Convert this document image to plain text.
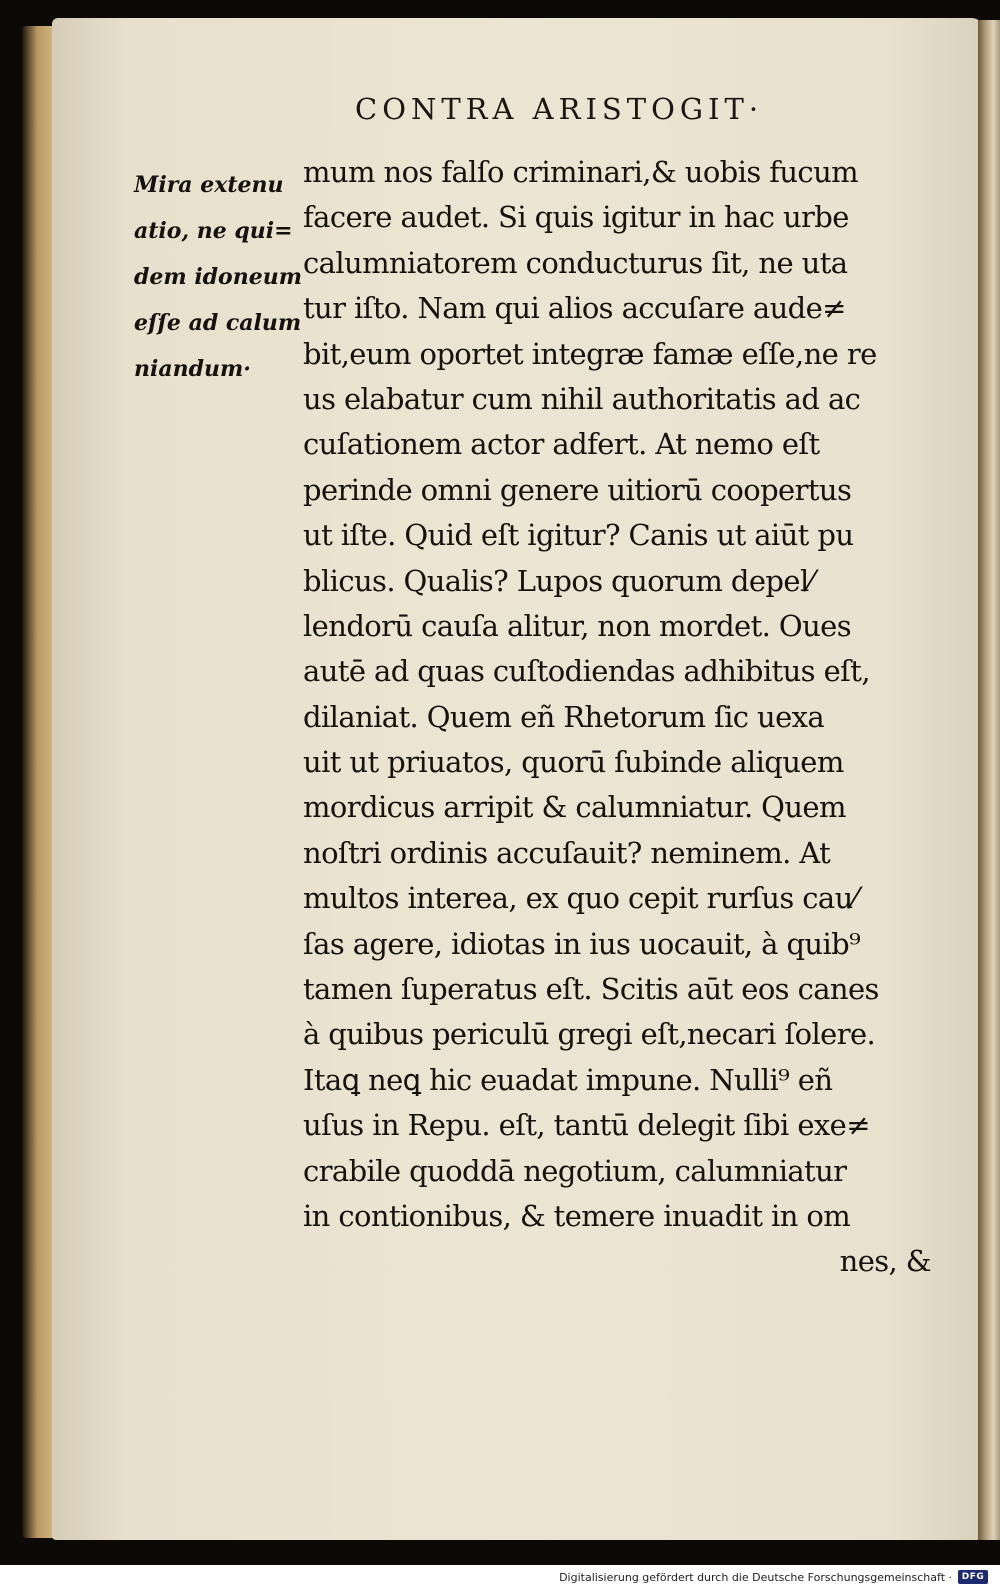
CONTRA ARISTOGIT·
Mira extenu
atio, ne qui=
dem idoneum
eſſe ad calum
niandum·
mum nos falſo criminari,& uobis fucum
facere audet. Si quis igitur in hac urbe
calumniatorem conducturus ſit, ne uta
tur iſto. Nam qui alios accuſare aude≠
bit,eum oportet integræ famæ eſſe,ne re
us elabatur cum nihil authoritatis ad ac
cuſationem actor adfert. At nemo eſt
perinde omni genere uitiorū coopertus
ut iſte. Quid eſt igitur? Canis ut aiūt pu
blicus. Qualis? Lupos quorum depel⁄
lendorū cauſa alitur, non mordet. Oues
autē ad quas cuſtodiendas adhibitus eſt,
dilaniat. Quem eñ Rhetorum ſic uexa
uit ut priuatos, quorū ſubinde aliquem
mordicus arripit & calumniatur. Quem
noſtri ordinis accuſauit? neminem. At
multos interea, ex quo cepit rurſus cau⁄
ſas agere, idiotas in ius uocauit, à quib⁹
tamen ſuperatus eſt. Scitis aūt eos canes
à quibus periculū gregi eſt,necari ſolere.
Itaꝗ neꝗ hic euadat impune. Nulli⁹ eñ
uſus in Repu. eſt, tantū delegit ſibi exe≠
crabile quoddā negotium, calumniatur
in contionibus, & temere inuadit in om
nes, &
Digitalisierung gefördert durch die Deutsche Forschungsgemeinschaft ·	DFG
